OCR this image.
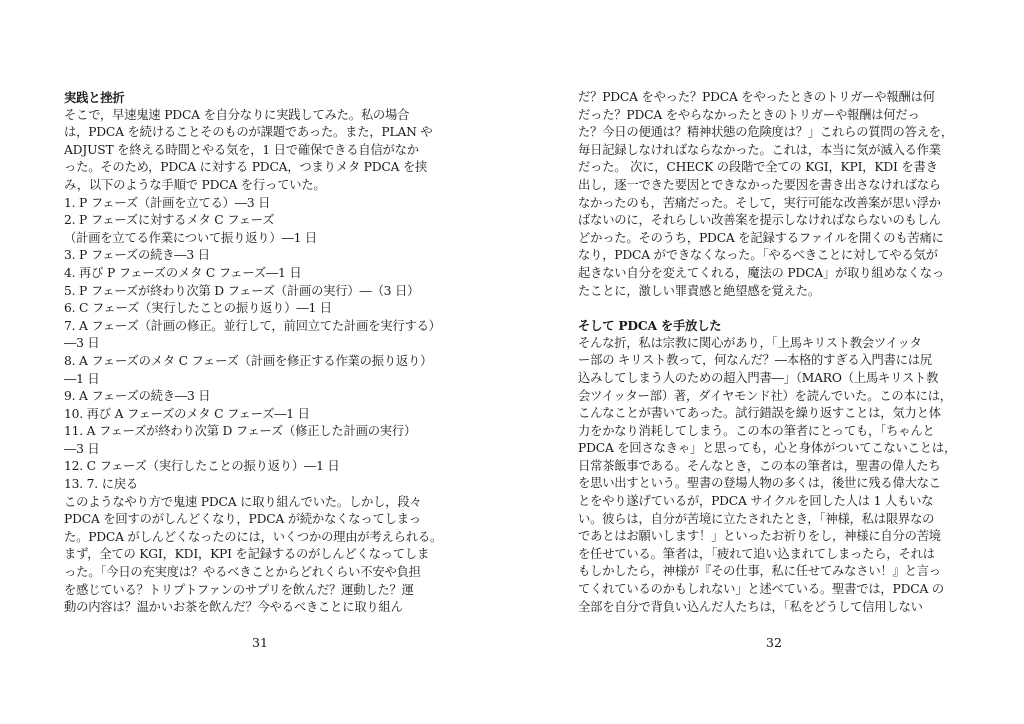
実践と挫折
そこで，早速鬼速 PDCA を自分なりに実践してみた。私の場合
は，PDCA を続けることそのものが課題であった。また，PLAN や
ADJUST を終える時間とやる気を，1 日で確保できる自信がなか
った。そのため，PDCA に対する PDCA，つまりメタ PDCA を挟
み，以下のような手順で PDCA を行っていた。
1. P フェーズ（計画を立てる）―3 日
2. P フェーズに対するメタ C フェーズ
（計画を立てる作業について振り返り）―1 日
3. P フェーズの続き―3 日
4. 再び P フェーズのメタ C フェーズ―1 日
5. P フェーズが終わり次第 D フェーズ（計画の実行）―（3 日）
6. C フェーズ（実行したことの振り返り）―1 日
7. A フェーズ（計画の修正。並行して，前回立てた計画を実行する）
―3 日
8. A フェーズのメタ C フェーズ（計画を修正する作業の振り返り）
―1 日
9. A フェーズの続き―3 日
10. 再び A フェーズのメタ C フェーズ―1 日
11. A フェーズが終わり次第 D フェーズ（修正した計画の実行）
―3 日
12. C フェーズ（実行したことの振り返り）―1 日
13. 7. に戻る
このようなやり方で鬼速 PDCA に取り組んでいた。しかし，段々
PDCA を回すのがしんどくなり，PDCA が続かなくなってしまっ
た。PDCA がしんどくなったのには，いくつかの理由が考えられる。
まず，全ての KGI，KDI，KPI を記録するのがしんどくなってしま
った。「今日の充実度は？やるべきことからどれくらい不安や負担
を感じている？トリプトファンのサプリを飲んだ？運動した？運
動の内容は？温かいお茶を飲んだ？今やるべきことに取り組ん
31
だ？PDCA をやった？PDCA をやったときのトリガーや報酬は何
だった？PDCA をやらなかったときのトリガーや報酬は何だっ
た？今日の便通は？精神状態の危険度は？」これらの質問の答えを，
毎日記録しなければならなかった。これは，本当に気が滅入る作業
だった。 次に，CHECK の段階で全ての KGI，KPI，KDI を書き
出し，逐一できた要因とできなかった要因を書き出さなければなら
なかったのも，苦痛だった。そして，実行可能な改善案が思い浮か
ばないのに，それらしい改善案を提示しなければならないのもしん
どかった。そのうち，PDCA を記録するファイルを開くのも苦痛に
なり，PDCA ができなくなった。「やるべきことに対してやる気が
起きない自分を変えてくれる，魔法の PDCA」が取り組めなくなっ
たことに，激しい罪責感と絶望感を覚えた。
そして PDCA を手放した
そんな折，私は宗教に関心があり，「上馬キリスト教会ツイッタ
ー部の キリスト教って，何なんだ？―本格的すぎる入門書には尻
込みしてしまう人のための超入門書―」（MARO（上馬キリスト教
会ツイッター部）著，ダイヤモンド社）を読んでいた。この本には，
こんなことが書いてあった。試行錯誤を繰り返すことは，気力と体
力をかなり消耗してしまう。この本の筆者にとっても，「ちゃんと
PDCA を回さなきゃ」と思っても，心と身体がついてこないことは，
日常茶飯事である。そんなとき，この本の筆者は，聖書の偉人たち
を思い出すという。聖書の登場人物の多くは，後世に残る偉大なこ
とをやり遂げているが，PDCA サイクルを回した人は 1 人もいな
い。彼らは，自分が苦境に立たされたとき，「神様，私は限界なの
であとはお願いします！」といったお祈りをし，神様に自分の苦境
を任せている。筆者は，「疲れて追い込まれてしまったら，それは
もしかしたら，神様が『その仕事，私に任せてみなさい！』と言っ
てくれているのかもしれない」と述べている。聖書では，PDCA の
全部を自分で背負い込んだ人たちは，「私をどうして信用しない
32
